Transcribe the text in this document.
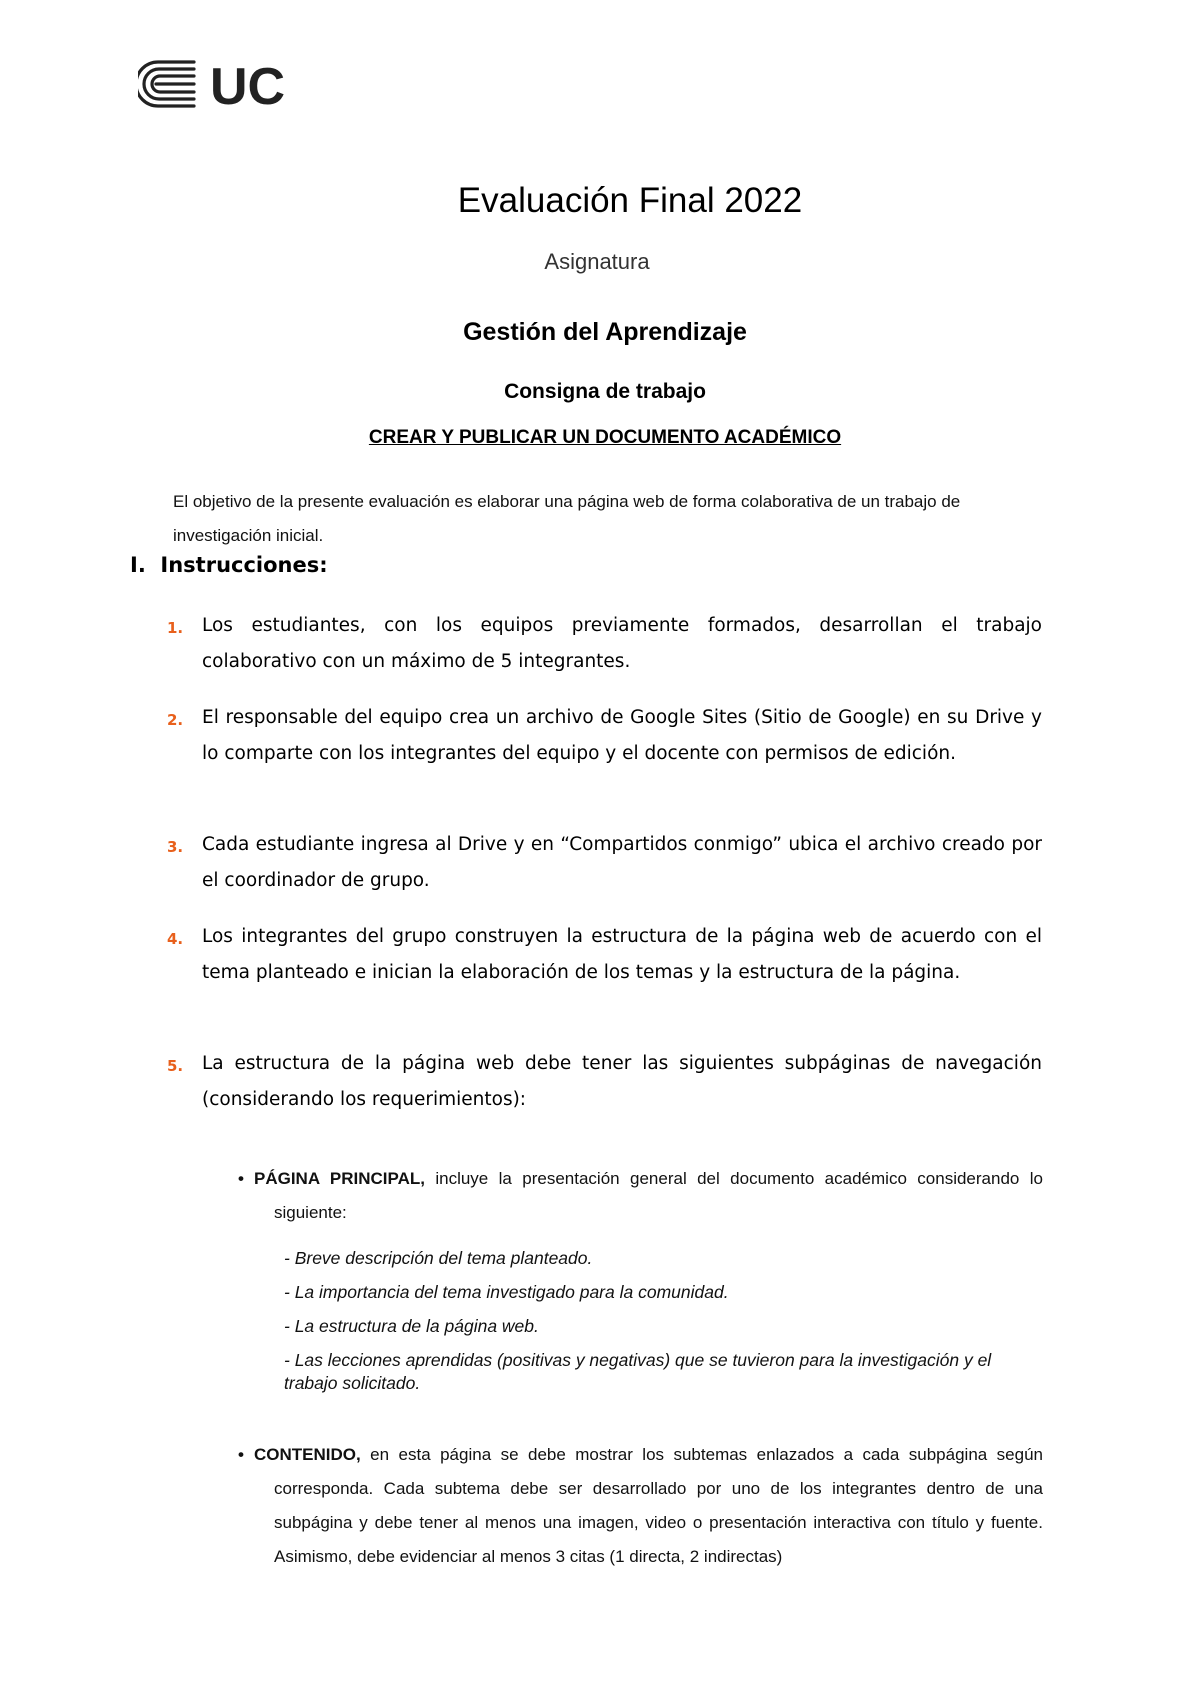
UC
Evaluación Final 2022
Asignatura
Gestión del Aprendizaje
Consigna de trabajo
CREAR Y PUBLICAR UN DOCUMENTO ACADÉMICO
El objetivo de la presente evaluación es elaborar una página web de forma colaborativa de un trabajo de investigación inicial.
I. Instrucciones:
1. Los estudiantes, con los equipos previamente formados, desarrollan el trabajo colaborativo con un máximo de 5 integrantes.
2. El responsable del equipo crea un archivo de Google Sites (Sitio de Google) en su Drive y lo comparte con los integrantes del equipo y el docente con permisos de edición.
3. Cada estudiante ingresa al Drive y en “Compartidos conmigo” ubica el archivo creado por el coordinador de grupo.
4. Los integrantes del grupo construyen la estructura de la página web de acuerdo con el tema planteado e inician la elaboración de los temas y la estructura de la página.
5. La estructura de la página web debe tener las siguientes subpáginas de navegación (considerando los requerimientos):
• PÁGINA PRINCIPAL, incluye la presentación general del documento académico considerando lo siguiente:
- Breve descripción del tema planteado.
- La importancia del tema investigado para la comunidad.
- La estructura de la página web.
- Las lecciones aprendidas (positivas y negativas) que se tuvieron para la investigación y el trabajo solicitado.
• CONTENIDO, en esta página se debe mostrar los subtemas enlazados a cada subpágina según corresponda. Cada subtema debe ser desarrollado por uno de los integrantes dentro de una subpágina y debe tener al menos una imagen, video o presentación interactiva con título y fuente. Asimismo, debe evidenciar al menos 3 citas (1 directa, 2 indirectas)
